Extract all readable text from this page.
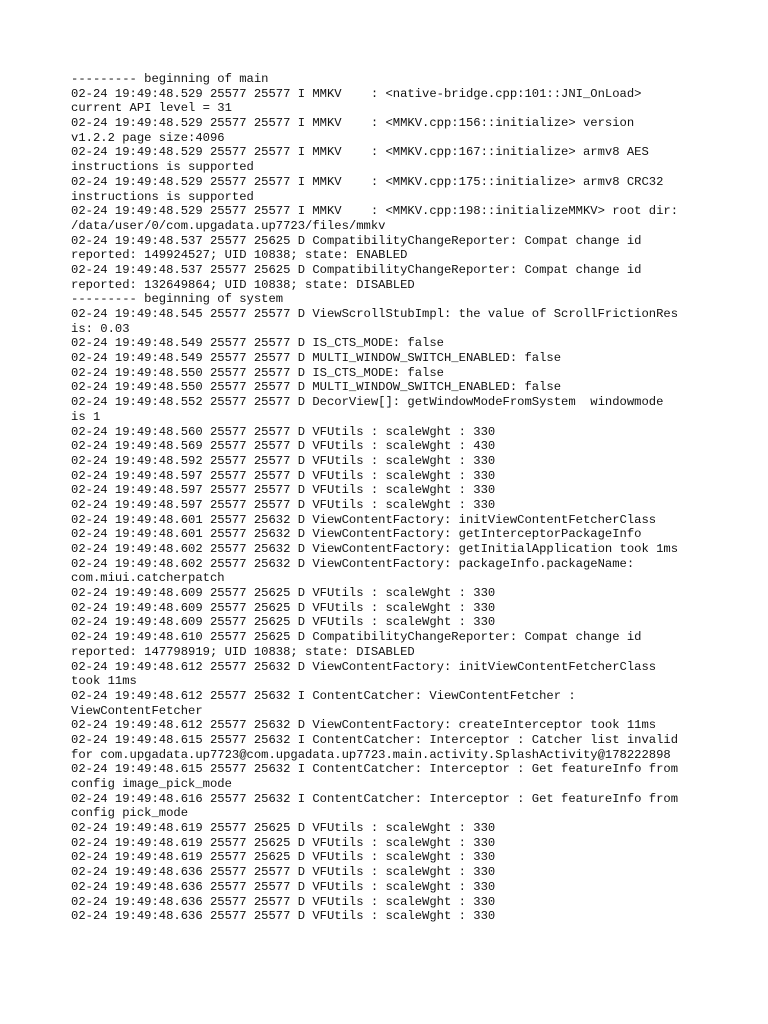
--------- beginning of main
02-24 19:49:48.529 25577 25577 I MMKV    : <native-bridge.cpp:101::JNI_OnLoad>
current API level = 31
02-24 19:49:48.529 25577 25577 I MMKV    : <MMKV.cpp:156::initialize> version
v1.2.2 page size:4096
02-24 19:49:48.529 25577 25577 I MMKV    : <MMKV.cpp:167::initialize> armv8 AES
instructions is supported
02-24 19:49:48.529 25577 25577 I MMKV    : <MMKV.cpp:175::initialize> armv8 CRC32
instructions is supported
02-24 19:49:48.529 25577 25577 I MMKV    : <MMKV.cpp:198::initializeMMKV> root dir:
/data/user/0/com.upgadata.up7723/files/mmkv
02-24 19:49:48.537 25577 25625 D CompatibilityChangeReporter: Compat change id
reported: 149924527; UID 10838; state: ENABLED
02-24 19:49:48.537 25577 25625 D CompatibilityChangeReporter: Compat change id
reported: 132649864; UID 10838; state: DISABLED
--------- beginning of system
02-24 19:49:48.545 25577 25577 D ViewScrollStubImpl: the value of ScrollFrictionRes
is: 0.03
02-24 19:49:48.549 25577 25577 D IS_CTS_MODE: false
02-24 19:49:48.549 25577 25577 D MULTI_WINDOW_SWITCH_ENABLED: false
02-24 19:49:48.550 25577 25577 D IS_CTS_MODE: false
02-24 19:49:48.550 25577 25577 D MULTI_WINDOW_SWITCH_ENABLED: false
02-24 19:49:48.552 25577 25577 D DecorView[]: getWindowModeFromSystem  windowmode
is 1
02-24 19:49:48.560 25577 25577 D VFUtils : scaleWght : 330
02-24 19:49:48.569 25577 25577 D VFUtils : scaleWght : 430
02-24 19:49:48.592 25577 25577 D VFUtils : scaleWght : 330
02-24 19:49:48.597 25577 25577 D VFUtils : scaleWght : 330
02-24 19:49:48.597 25577 25577 D VFUtils : scaleWght : 330
02-24 19:49:48.597 25577 25577 D VFUtils : scaleWght : 330
02-24 19:49:48.601 25577 25632 D ViewContentFactory: initViewContentFetcherClass
02-24 19:49:48.601 25577 25632 D ViewContentFactory: getInterceptorPackageInfo
02-24 19:49:48.602 25577 25632 D ViewContentFactory: getInitialApplication took 1ms
02-24 19:49:48.602 25577 25632 D ViewContentFactory: packageInfo.packageName:
com.miui.catcherpatch
02-24 19:49:48.609 25577 25625 D VFUtils : scaleWght : 330
02-24 19:49:48.609 25577 25625 D VFUtils : scaleWght : 330
02-24 19:49:48.609 25577 25625 D VFUtils : scaleWght : 330
02-24 19:49:48.610 25577 25625 D CompatibilityChangeReporter: Compat change id
reported: 147798919; UID 10838; state: DISABLED
02-24 19:49:48.612 25577 25632 D ViewContentFactory: initViewContentFetcherClass
took 11ms
02-24 19:49:48.612 25577 25632 I ContentCatcher: ViewContentFetcher :
ViewContentFetcher
02-24 19:49:48.612 25577 25632 D ViewContentFactory: createInterceptor took 11ms
02-24 19:49:48.615 25577 25632 I ContentCatcher: Interceptor : Catcher list invalid
for com.upgadata.up7723@com.upgadata.up7723.main.activity.SplashActivity@178222898
02-24 19:49:48.615 25577 25632 I ContentCatcher: Interceptor : Get featureInfo from
config image_pick_mode
02-24 19:49:48.616 25577 25632 I ContentCatcher: Interceptor : Get featureInfo from
config pick_mode
02-24 19:49:48.619 25577 25625 D VFUtils : scaleWght : 330
02-24 19:49:48.619 25577 25625 D VFUtils : scaleWght : 330
02-24 19:49:48.619 25577 25625 D VFUtils : scaleWght : 330
02-24 19:49:48.636 25577 25577 D VFUtils : scaleWght : 330
02-24 19:49:48.636 25577 25577 D VFUtils : scaleWght : 330
02-24 19:49:48.636 25577 25577 D VFUtils : scaleWght : 330
02-24 19:49:48.636 25577 25577 D VFUtils : scaleWght : 330
